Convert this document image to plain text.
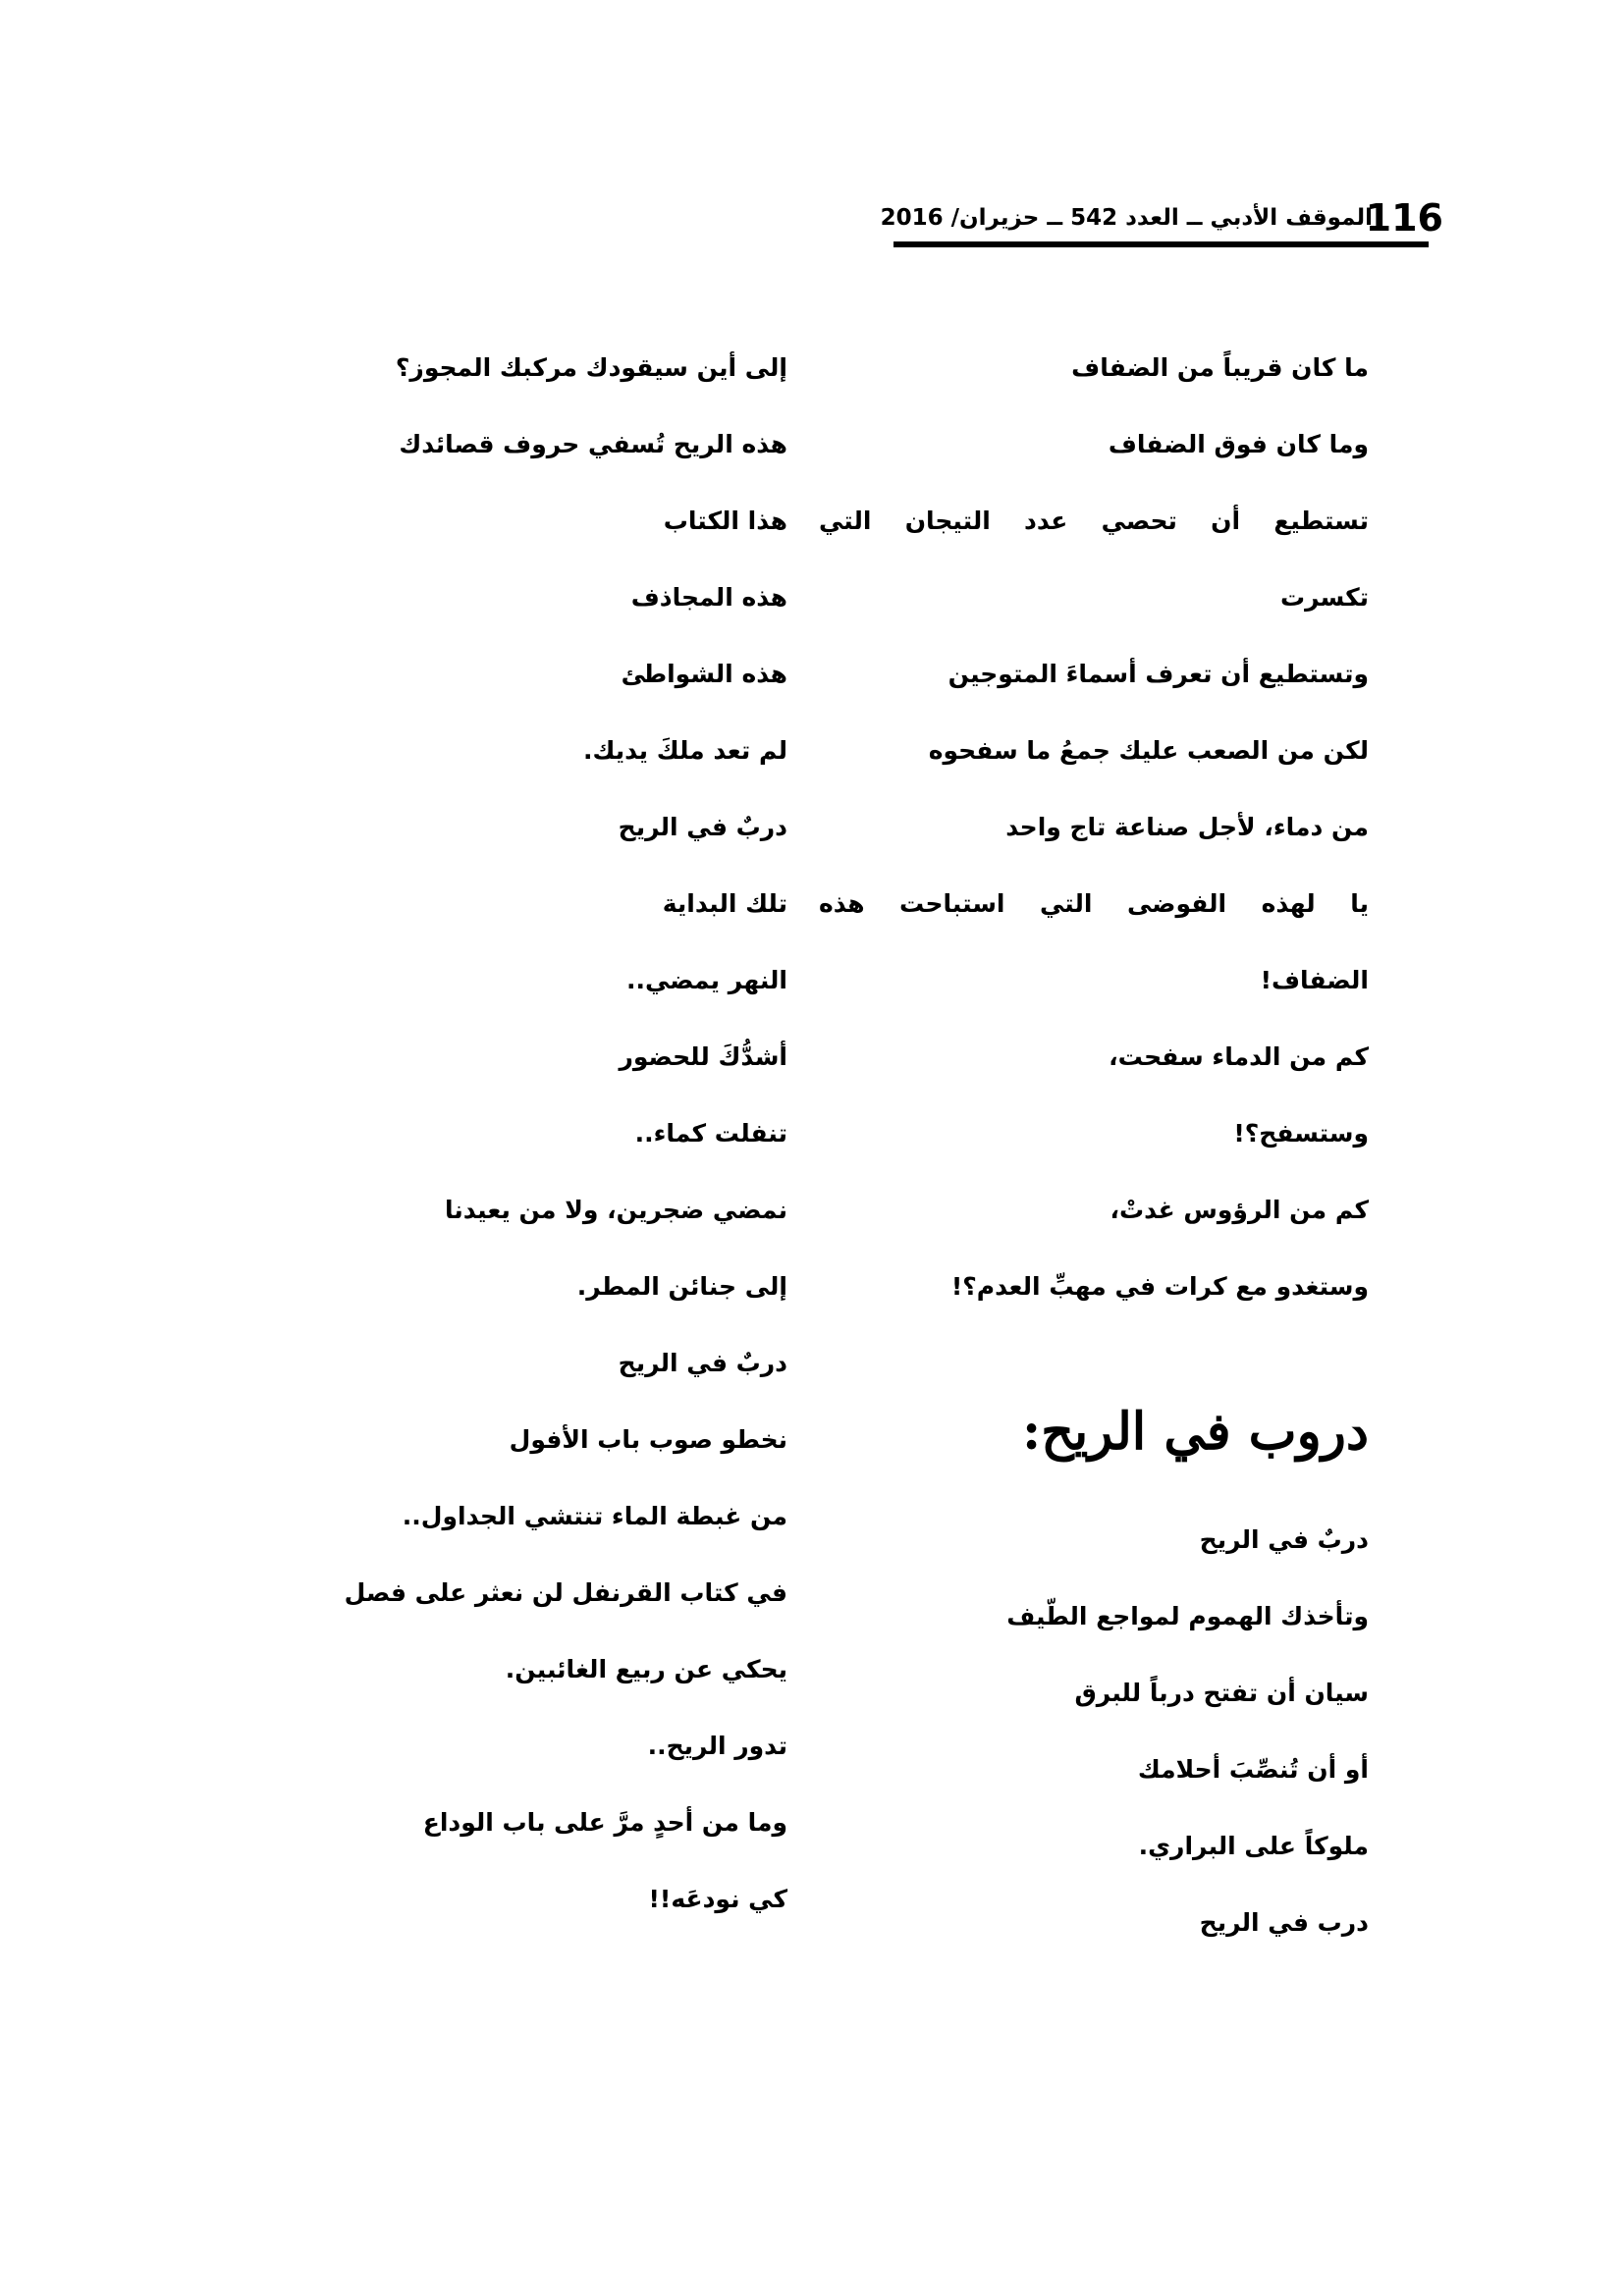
116
الموقف الأدبي ــ العدد 542 ــ حزيران/ 2016
ما كان قريباً من الضفاف
وما كان فوق الضفاف
تستطيع أن تحصي عدد التيجان التي
تكسرت
وتستطيع أن تعرف أسماءَ المتوجين
لكن من الصعب عليك جمعُ ما سفحوه
من دماء، لأجل صناعة تاج واحد
يا لهذه الفوضى التي استباحت هذه
الضفاف!
كم من الدماء سفحت،
وستسفح؟!
كم من الرؤوس غدتْ،
وستغدو مع كرات في مهبِّ العدم؟!
دروب في الريح:
دربٌ في الريح
وتأخذك الهموم لمواجع الطّيف
سيان أن تفتح درباً للبرق
أو أن تُنصِّبَ أحلامك
ملوكاً على البراري.
درب في الريح
إلى أين سيقودك مركبك المجوز؟
هذه الريح تُسفي حروف قصائدك
هذا الكتاب
هذه المجاذف
هذه الشواطئ
لم تعد ملكَ يديك.
دربٌ في الريح
تلك البداية
النهر يمضي..
أشدُّكَ للحضور
تنفلت كماء..
نمضي ضجرين، ولا من يعيدنا
إلى جنائن المطر.
دربٌ في الريح
نخطو صوب باب الأفول
من غبطة الماء تنتشي الجداول..
في كتاب القرنفل لن نعثر على فصل
يحكي عن ربيع الغائبين.
تدور الريح..
وما من أحدٍ مرَّ على باب الوداع
كي نودعَه!!
